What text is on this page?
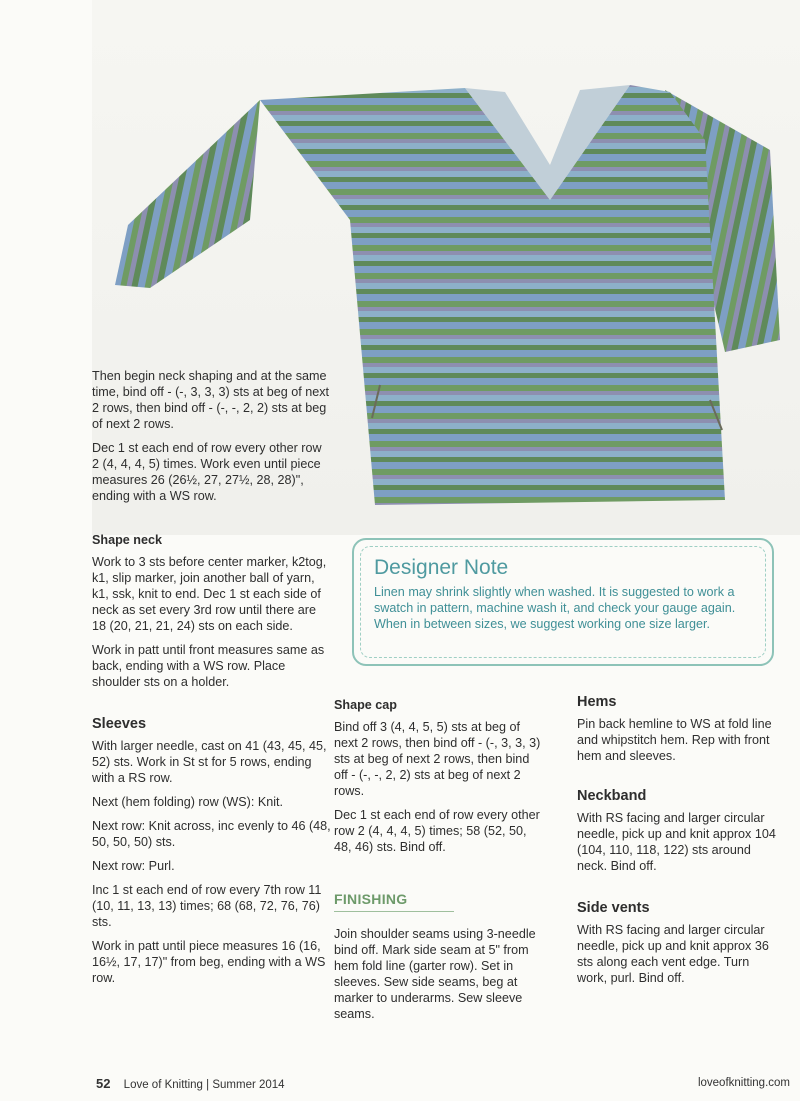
Then begin neck shaping and at the same time, bind off - (-, 3, 3, 3) sts at beg of next 2 rows, then bind off - (-, -, 2, 2) sts at beg of next 2 rows.

Dec 1 st each end of row every other row 2 (4, 4, 4, 5) times. Work even until piece measures 26 (26½, 27, 27½, 28, 28)", ending with a WS row.

Shape neck

Work to 3 sts before center marker, k2tog, k1, slip marker, join another ball of yarn, k1, ssk, knit to end. Dec 1 st each side of neck as set every 3rd row until there are 18 (20, 21, 21, 24) sts on each side.

Work in patt until front measures same as back, ending with a WS row. Place shoulder sts on a holder.

Sleeves

With larger needle, cast on 41 (43, 45, 45, 52) sts. Work in St st for 5 rows, ending with a RS row.

Next (hem folding) row (WS): Knit.

Next row: Knit across, inc evenly to 46 (48, 50, 50, 50) sts.

Next row: Purl.

Inc 1 st each end of row every 7th row 11 (10, 11, 13, 13) times; 68 (68, 72, 76, 76) sts.

Work in patt until piece measures 16 (16, 16½, 17, 17)" from beg, ending with a WS row.

Designer Note
Linen may shrink slightly when washed. It is suggested to work a swatch in pattern, machine wash it, and check your gauge again. When in between sizes, we suggest working one size larger.
Shape cap

Bind off 3 (4, 4, 5, 5) sts at beg of next 2 rows, then bind off - (-, 3, 3, 3) sts at beg of next 2 rows, then bind off - (-, -, 2, 2) sts at beg of next 2 rows.

Dec 1 st each end of row every other row 2 (4, 4, 4, 5) times; 58 (52, 50, 48, 46) sts. Bind off.

FINISHING

Join shoulder seams using 3-needle bind off. Mark side seam at 5" from hem fold line (garter row). Set in sleeves. Sew side seams, beg at marker to underarms. Sew sleeve seams.

Hems

Pin back hemline to WS at fold line and whipstitch hem. Rep with front hem and sleeves.

Neckband

With RS facing and larger circular needle, pick up and knit approx 104 (104, 110, 118, 122) sts around neck. Bind off.

Side vents

With RS facing and larger circular needle, pick up and knit approx 36 sts along each vent edge. Turn work, purl. Bind off.

52 Love of Knitting | Summer 2014	loveofknitting.com
